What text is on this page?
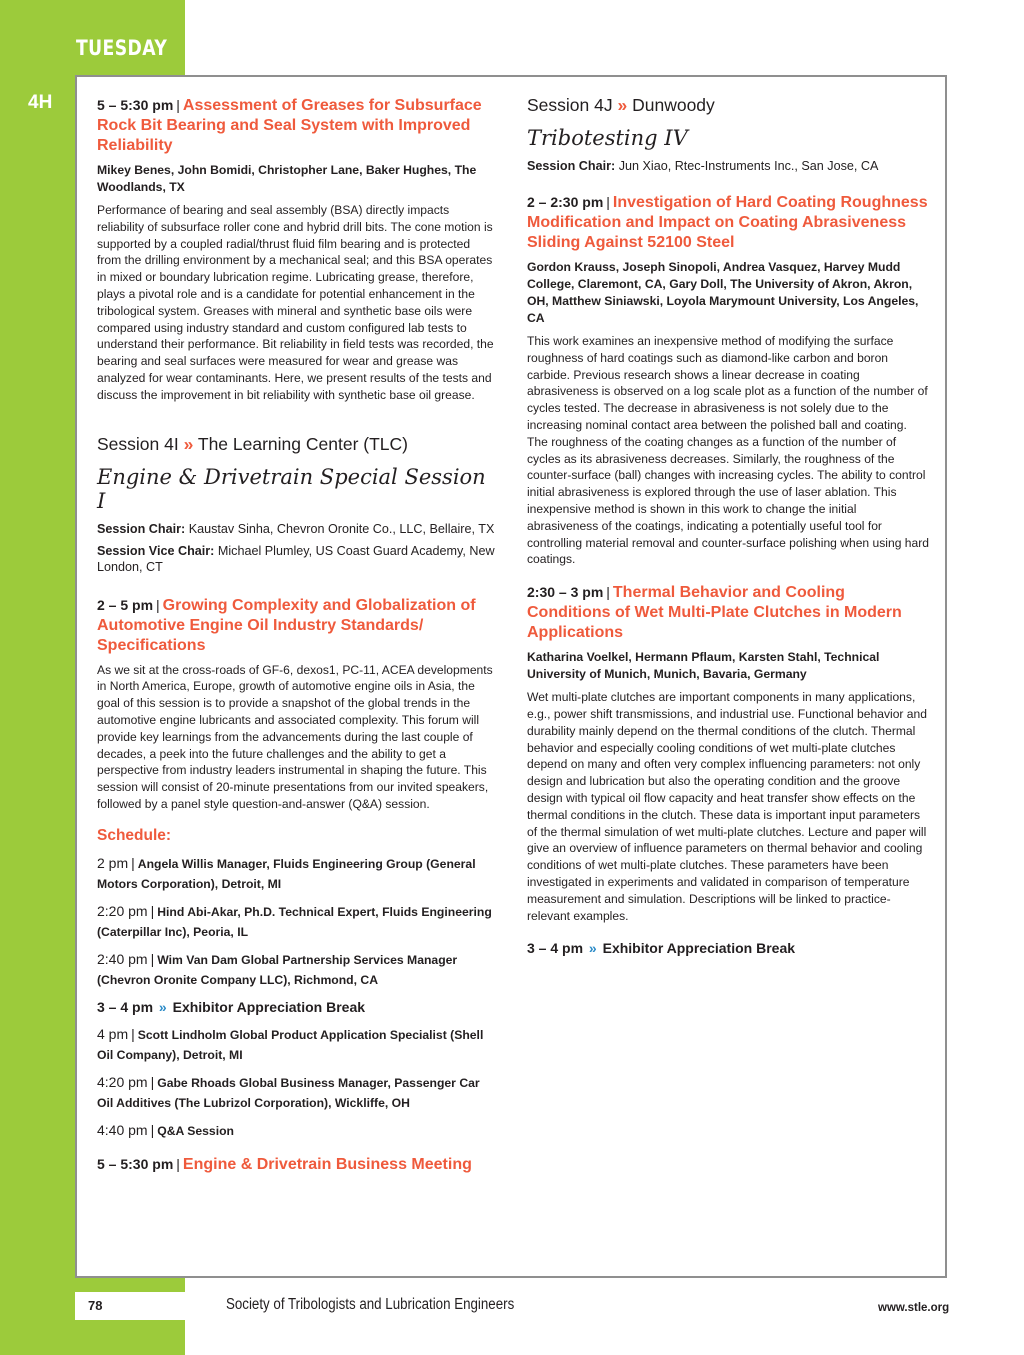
TUESDAY
4H	5 – 5:30 pm | Assessment of Greases for Subsurface Rock Bit Bearing and Seal System with Improved Reliability

Mikey Benes, John Bomidi, Christopher Lane, Baker Hughes, The Woodlands, TX

Performance of bearing and seal assembly (BSA) directly impacts reliability of subsurface roller cone and hybrid drill bits. The cone motion is supported by a coupled radial/thrust fluid film bearing and is protected from the drilling environment by a mechanical seal; and this BSA operates in mixed or boundary lubrication regime. Lubricating grease, therefore, plays a pivotal role and is a candidate for potential enhancement in the tribological system. Greases with mineral and synthetic base oils were compared using industry standard and custom configured lab tests to understand their performance. Bit reliability in field tests was recorded, the bearing and seal surfaces were measured for wear and grease was analyzed for wear contaminants. Here, we present results of the tests and discuss the improvement in bit reliability with synthetic base oil grease.

Session 4I » The Learning Center (TLC)

Engine & Drivetrain Special Session I

Session Chair: Kaustav Sinha, Chevron Oronite Co., LLC, Bellaire, TX

Session Vice Chair: Michael Plumley, US Coast Guard Academy, New London, CT

2 – 5 pm | Growing Complexity and Globalization of Automotive Engine Oil Industry Standards/ Specifications

As we sit at the cross-roads of GF-6, dexos1, PC-11, ACEA developments in North America, Europe, growth of automotive engine oils in Asia, the goal of this session is to provide a snapshot of the global trends in the automotive engine lubricants and associated complexity. This forum will provide key learnings from the advancements during the last couple of decades, a peek into the future challenges and the ability to get a perspective from industry leaders instrumental in shaping the future. This session will consist of 20-minute presentations from our invited speakers, followed by a panel style question-and-answer (Q&A) session.

Schedule:

2 pm | Angela Willis Manager, Fluids Engineering Group (General Motors Corporation), Detroit, MI
2:20 pm | Hind Abi-Akar, Ph.D. Technical Expert, Fluids Engineering (Caterpillar Inc), Peoria, IL
2:40 pm | Wim Van Dam Global Partnership Services Manager (Chevron Oronite Company LLC), Richmond, CA

3 – 4 pm » Exhibitor Appreciation Break

4 pm | Scott Lindholm Global Product Application Specialist (Shell Oil Company), Detroit, MI
4:20 pm | Gabe Rhoads Global Business Manager, Passenger Car Oil Additives (The Lubrizol Corporation), Wickliffe, OH
4:40 pm | Q&A Session

5 – 5:30 pm | Engine & Drivetrain Business Meeting

Session 4J » Dunwoody

Tribotesting IV

Session Chair: Jun Xiao, Rtec-Instruments Inc., San Jose, CA

2 – 2:30 pm | Investigation of Hard Coating Roughness Modification and Impact on Coating Abrasiveness Sliding Against 52100 Steel

Gordon Krauss, Joseph Sinopoli, Andrea Vasquez, Harvey Mudd College, Claremont, CA, Gary Doll, The University of Akron, Akron, OH, Matthew Siniawski, Loyola Marymount University, Los Angeles, CA

This work examines an inexpensive method of modifying the surface roughness of hard coatings such as diamond-like carbon and boron carbide. Previous research shows a linear decrease in coating abrasiveness is observed on a log scale plot as a function of the number of cycles tested. The decrease in abrasiveness is not solely due to the increasing nominal contact area between the polished ball and coating. The roughness of the coating changes as a function of the number of cycles as its abrasiveness decreases. Similarly, the roughness of the counter-surface (ball) changes with increasing cycles. The ability to control initial abrasiveness is explored through the use of laser ablation. This inexpensive method is shown in this work to change the initial abrasiveness of the coatings, indicating a potentially useful tool for controlling material removal and counter-surface polishing when using hard coatings.

2:30 – 3 pm | Thermal Behavior and Cooling Conditions of Wet Multi-Plate Clutches in Modern Applications

Katharina Voelkel, Hermann Pflaum, Karsten Stahl, Technical University of Munich, Munich, Bavaria, Germany

Wet multi-plate clutches are important components in many applications, e.g., power shift transmissions, and industrial use. Functional behavior and durability mainly depend on the thermal conditions of the clutch. Thermal behavior and especially cooling conditions of wet multi-plate clutches depend on many and often very complex influencing parameters: not only design and lubrication but also the operating condition and the groove design with typical oil flow capacity and heat transfer show effects on the thermal conditions in the clutch. These data is important input parameters of the thermal simulation of wet multi-plate clutches. Lecture and paper will give an overview of influence parameters on thermal behavior and cooling conditions of wet multi-plate clutches. These parameters have been investigated in experiments and validated in comparison of temperature measurement and simulation. Descriptions will be linked to practice-relevant examples.

3 – 4 pm » Exhibitor Appreciation Break

78	Society of Tribologists and Lubrication Engineers	www.stle.org
